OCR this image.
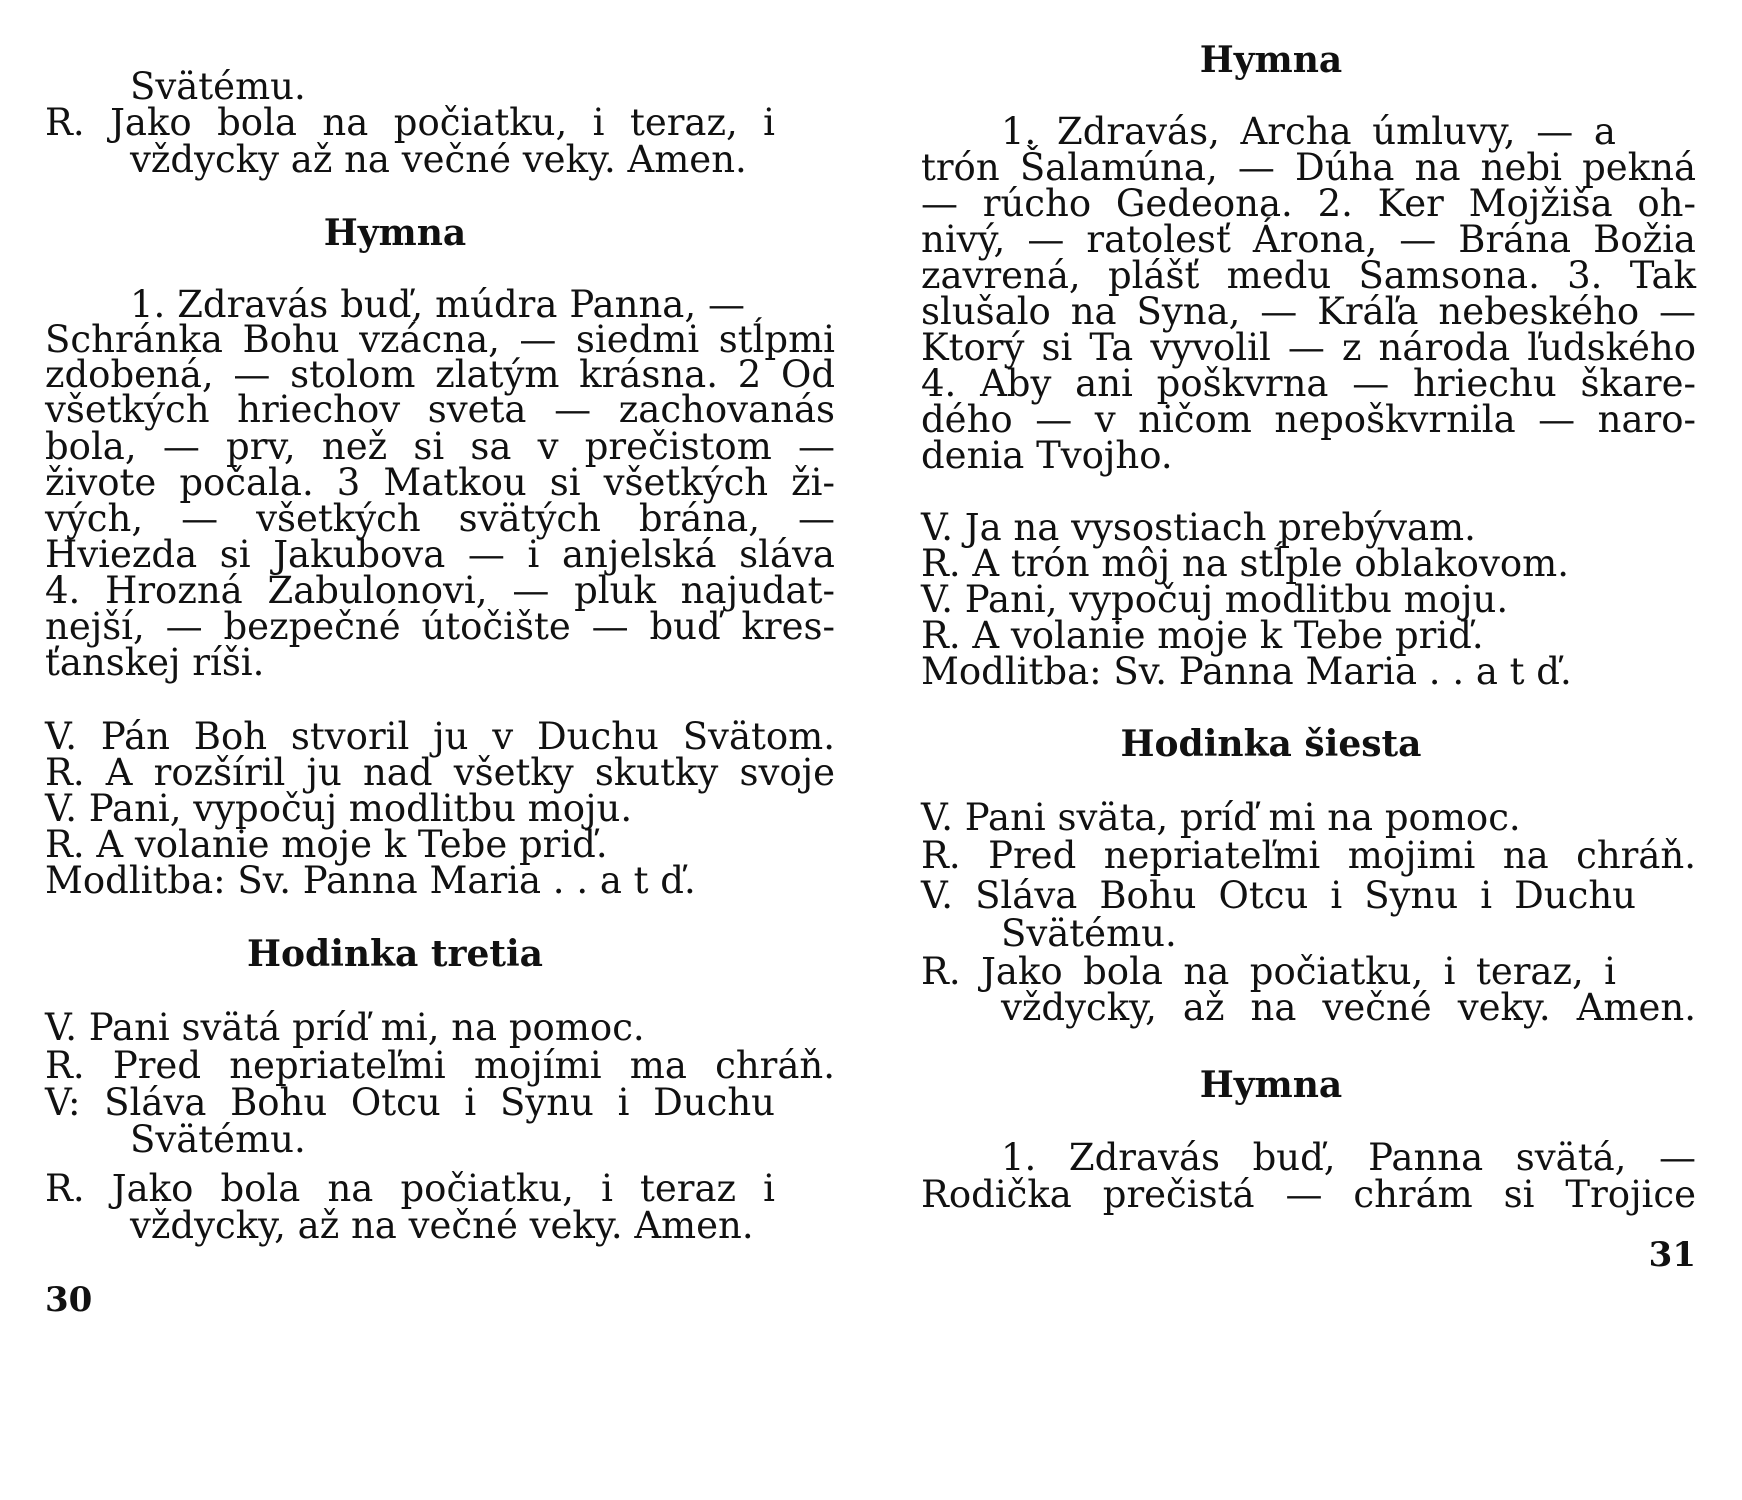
Svätému.
R. Jako bola na počiatku, i teraz, i
vždycky až na večné veky. Amen.
Hymna
1. Zdravás buď, múdra Panna, —
Schránka Bohu vzácna, — siedmi stĺpmi
zdobená, — stolom zlatým krásna. 2 Od
všetkých hriechov sveta — zachovanás
bola, — prv, než si sa v prečistom —
živote počala. 3 Matkou si všetkých ži-
vých, — všetkých svätých brána, —
Hviezda si Jakubova — i anjelská sláva
4. Hrozná Zabulonovi, — pluk najudat-
nejší, — bezpečné útočište — buď kres-
ťanskej ríši.
V. Pán Boh stvoril ju v Duchu Svätom.
R. A rozšíril ju nad všetky skutky svoje
V. Pani, vypočuj modlitbu moju.
R. A volanie moje k Tebe priď.
Modlitba: Sv. Panna Maria . . a t ď.
Hodinka tretia
V. Pani svätá príď mi, na pomoc.
R. Pred nepriateľmi mojími ma chráň.
V: Sláva Bohu Otcu i Synu i Duchu
Svätému.
R. Jako bola na počiatku, i teraz i
vždycky, až na večné veky. Amen.
30
Hymna
1. Zdravás, Archa úmluvy, — a
trón Šalamúna, — Dúha na nebi pekná
— rúcho Gedeona. 2. Ker Mojžiša oh-
nivý, — ratolesť Árona, — Brána Božia
zavrená, plášť medu Samsona. 3. Tak
slušalo na Syna, — Kráľa nebeského —
Ktorý si Ta vyvolil — z národa ľudského
4. Aby ani poškvrna — hriechu škare-
dého — v ničom nepoškvrnila — naro-
denia Tvojho.
V. Ja na vysostiach prebývam.
R. A trón môj na stĺple oblakovom.
V. Pani, vypočuj modlitbu moju.
R. A volanie moje k Tebe priď.
Modlitba: Sv. Panna Maria . . a t ď.
Hodinka šiesta
V. Pani sväta, príď mi na pomoc.
R. Pred nepriateľmi mojimi na chráň.
V. Sláva Bohu Otcu i Synu i Duchu
Svätému.
R. Jako bola na počiatku, i teraz, i
vždycky, až na večné veky. Amen.
Hymna
1. Zdravás buď, Panna svätá, —
Rodička prečistá — chrám si Trojice
31
